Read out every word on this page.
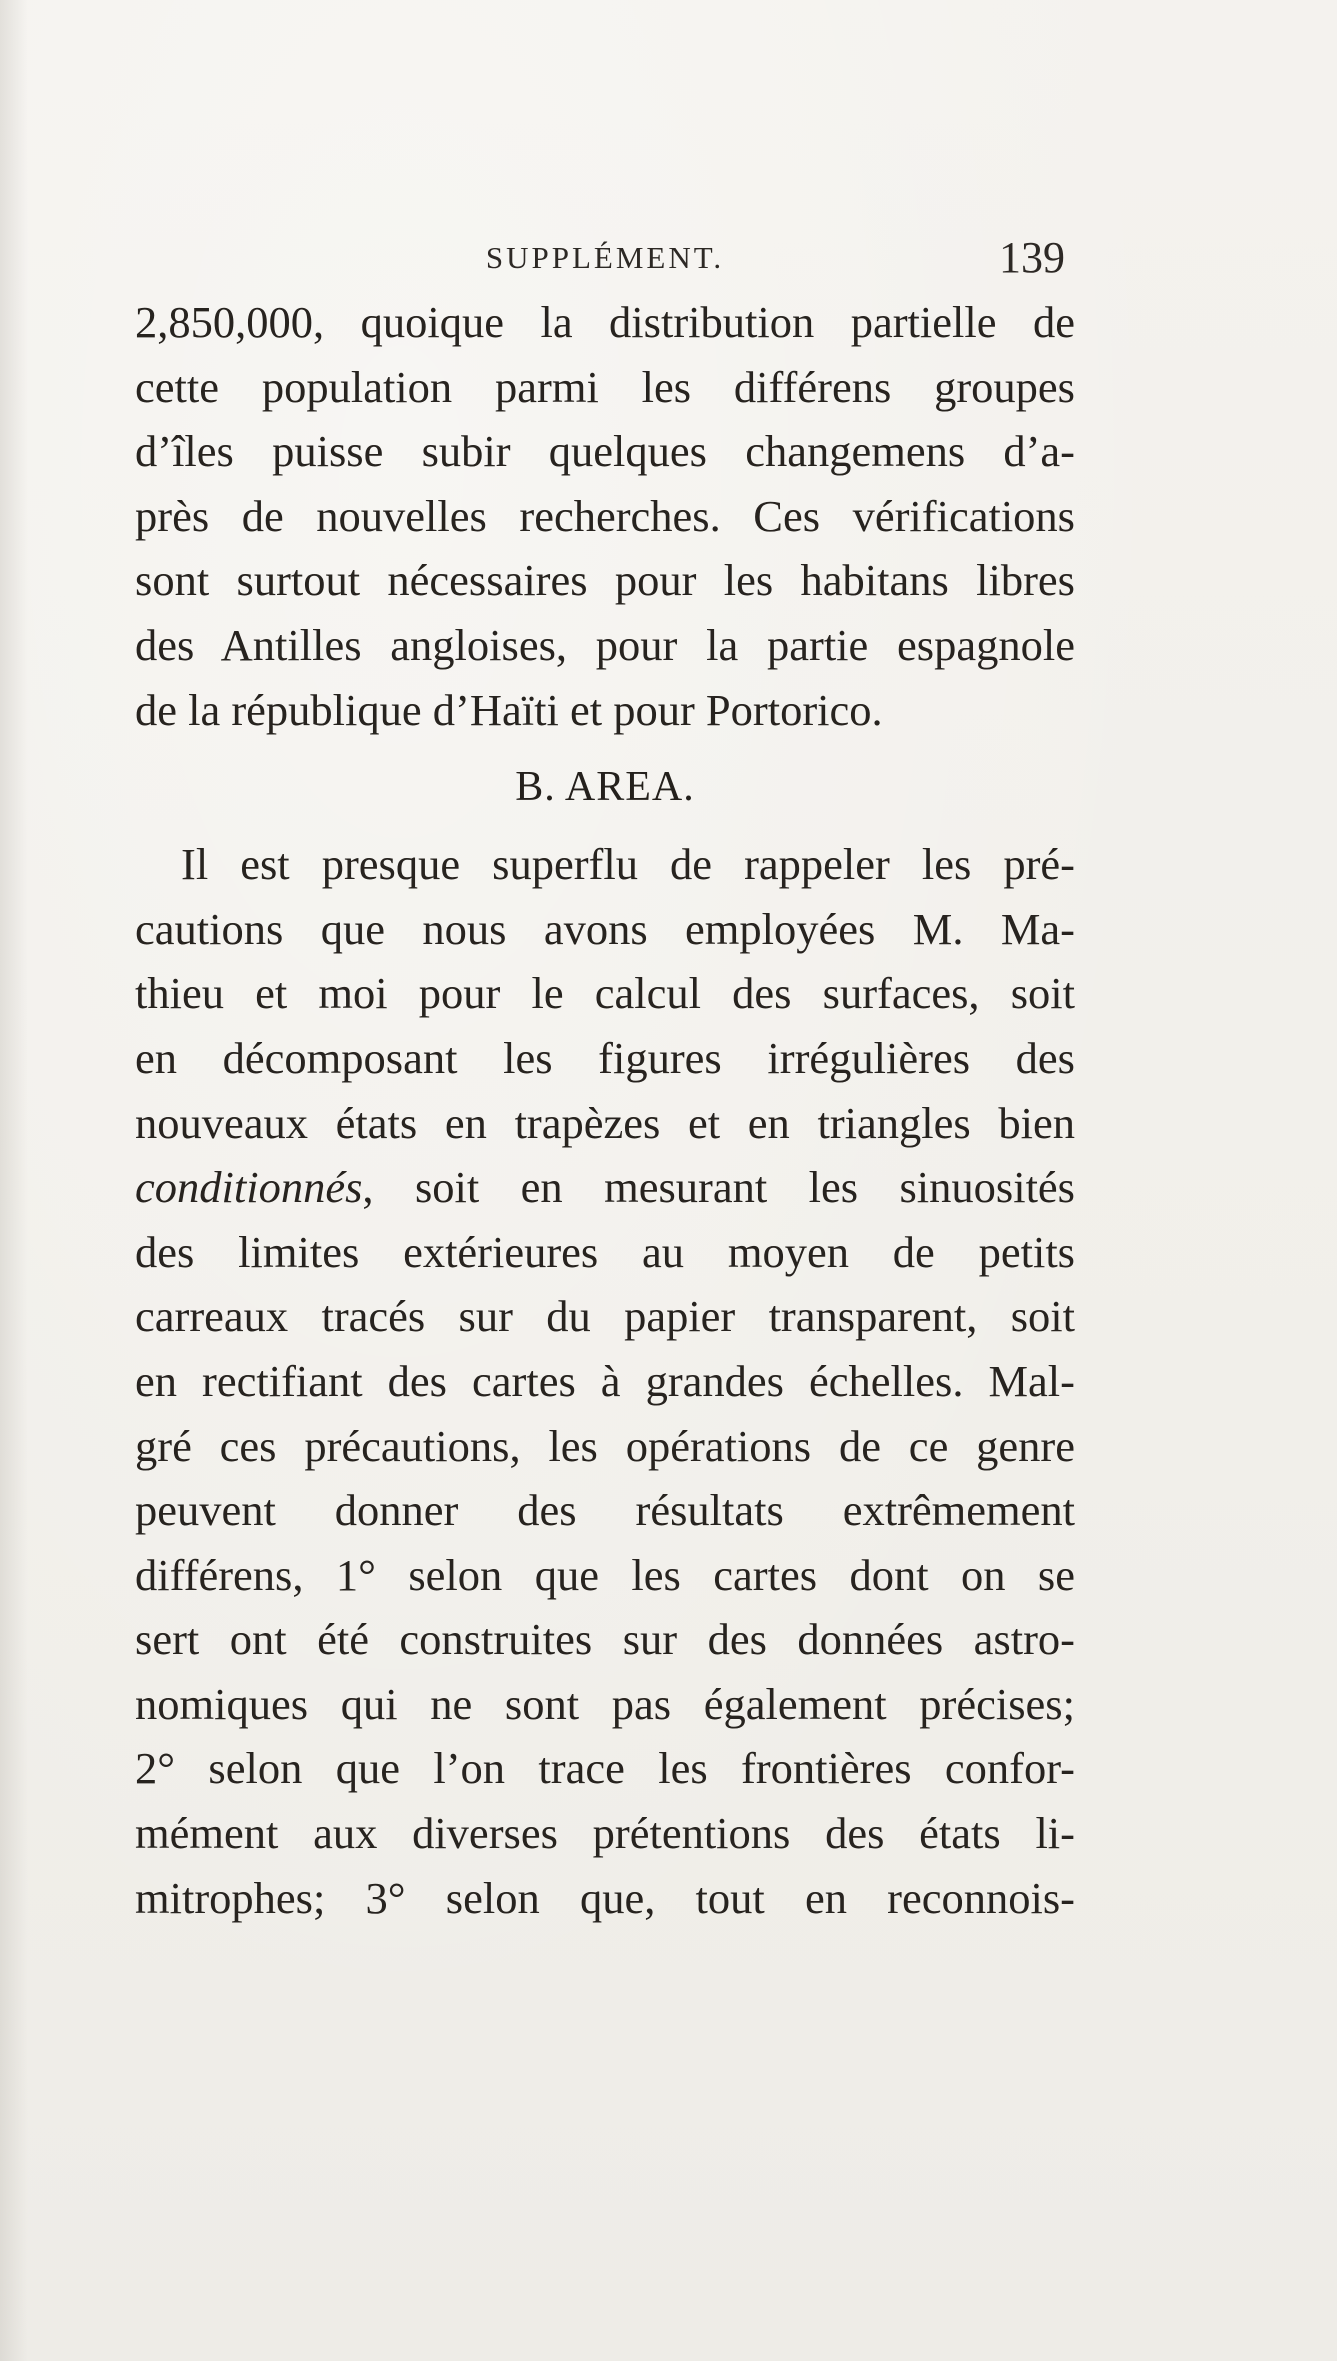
SUPPLÉMENT.	139
2,850,000, quoique la distribution partielle de
cette population parmi les différens groupes
d’îles puisse subir quelques changemens d’a-
près de nouvelles recherches. Ces vérifications
sont surtout nécessaires pour les habitans libres
des Antilles angloises, pour la partie espagnole
de la république d’Haïti et pour Portorico.
B. AREA.
Il est presque superflu de rappeler les pré-
cautions que nous avons employées M. Ma-
thieu et moi pour le calcul des surfaces, soit
en décomposant les figures irrégulières des
nouveaux états en trapèzes et en triangles bien
conditionnés, soit en mesurant les sinuosités
des limites extérieures au moyen de petits
carreaux tracés sur du papier transparent, soit
en rectifiant des cartes à grandes échelles. Mal-
gré ces précautions, les opérations de ce genre
peuvent donner des résultats extrêmement
différens, 1° selon que les cartes dont on se
sert ont été construites sur des données astro-
nomiques qui ne sont pas également précises;
2° selon que l’on trace les frontières confor-
mément aux diverses prétentions des états li-
mitrophes; 3° selon que, tout en reconnois-
